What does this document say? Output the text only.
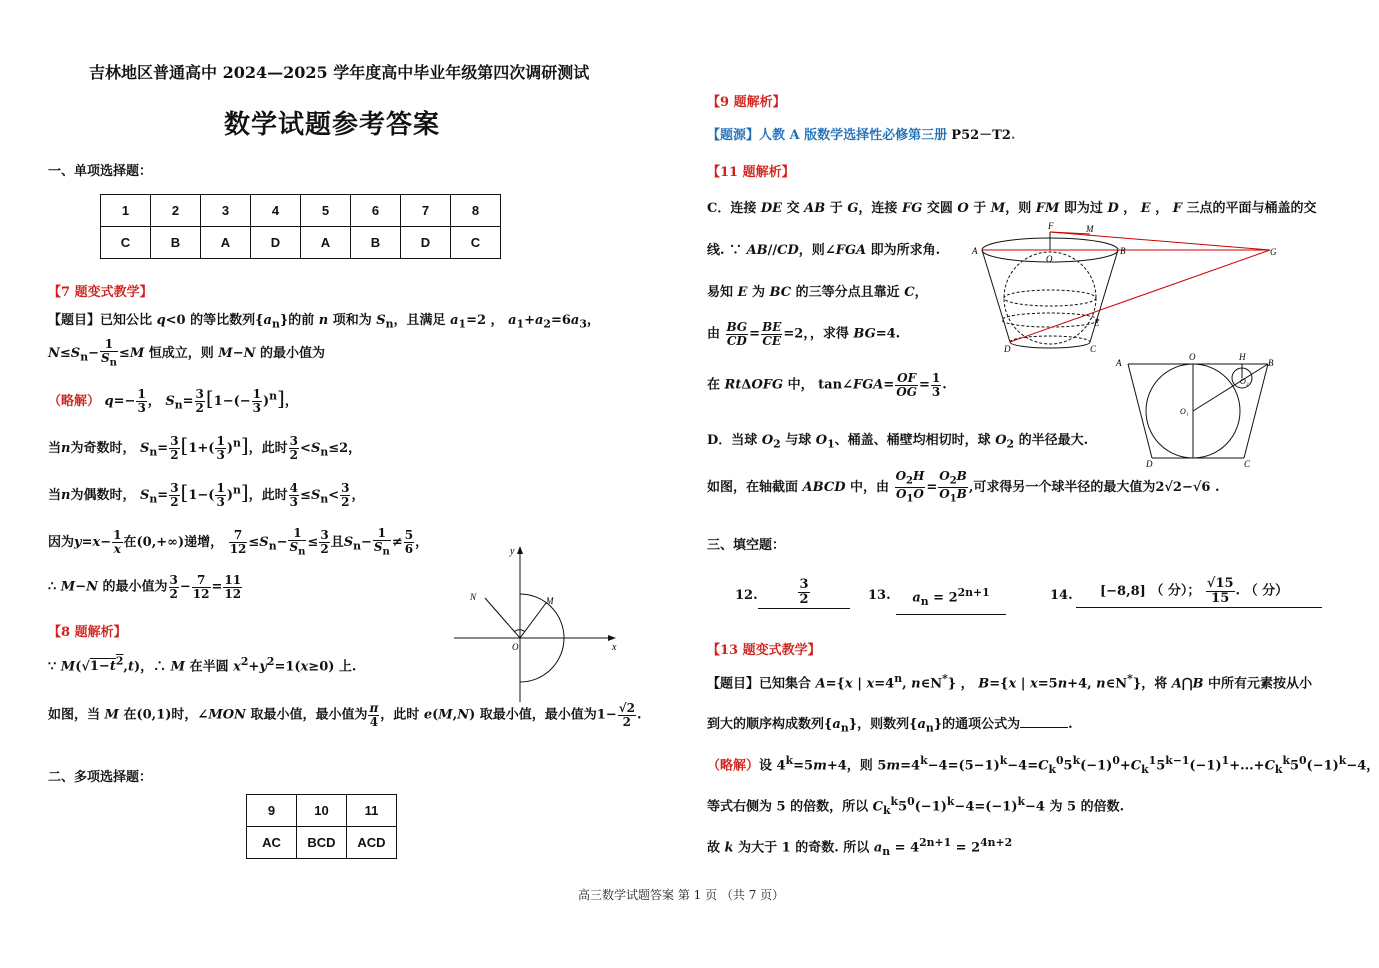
吉林地区普通高中 2024—2025 学年度高中毕业年级第四次调研测试
数学试题参考答案
一、单项选择题：
1	2	3	4	5	6	7	8
C	B	A	D	A	B	D	C
【7 题变式教学】
【题目】已知公比 q<0 的等比数列$\{a_n\}$的前 n 项和为 $S_n$，且满足 $a_1=2$ ， $a_1+a_2=6a_3$，
$N\le S_n- \frac{1}{S_n} \le M$ 恒成立，则 M−N 的最小值为
（略解） $q=- \frac{1}{3}$ ， $S_n= \frac{3}{2} [1-(- \frac{1}{3} )^n]$，
当n为奇数时， $S_n= \frac{3}{2} [1+( \frac{1}{3} )^n]$，此时 $\frac{3}{2} <S_n\le 2$，
当n为偶数时， $S_n= \frac{3}{2} [1-( \frac{1}{3} )^n]$，此时 $\frac{4}{3} \le S_n< \frac{3}{2}$ ，
因为$y=x- \frac{1}{x}$ 在(0,+∞)递增， $\frac{7}{12} \le S_n- \frac{1}{S_n} \le \frac{3}{2}$ 且$S_n- \frac{1}{S_n} \ne \frac{5}{6}$ ，
∴ M−N 的最小值为 $\frac{3}{2} - \frac{7}{12} = \frac{11}{12}$
【8 题解析】
∵ $M(√1-t^2,t)$，∴ M 在半圆 $x^2+y^2=1(x\ge 0)$ 上.
如图，当 M 在(0,1)时，∠MON 取最小值，最小值为 $\frac{\pi}{4}$ ，此时 e(M,N) 取最小值，最小值为$1- \frac{√2}{2}$ .
y
x
O
N	M
二、多项选择题：
9	10	11
AC	BCD	ACD
【9 题解析】
【题源】人教 A 版数学选择性必修第三册 P52－T2.
【11 题解析】
C．连接 DE 交 AB 于 G，连接 FG 交圆 O 于 M，则 FM 即为过 D ， E ， F 三点的平面与桶盖的交
线. ∵ AB//CD，则∠FGA 即为所求角.
易知 E 为 BC 的三等分点且靠近 C，
由 $\frac{BG}{CD} = \frac{BE}{CE} =2$，，求得 BG=4.
在 RtΔOFG 中， tan∠FGA= $\frac{OF}{OG} = \frac{1}{3}$ .
D．当球 $O_2$ 与球 $O_1$、桶盖、桶壁均相切时，球 $O_2$ 的半径最大.
如图，在轴截面 ABCD 中，由 $\frac{O_2H}{O_1O} = \frac{O_2B}{O_1B}$ ,可求得另一个球半径的最大值为2√2−√6 .
F	M
A	B	G
O
E
D	C
A
O	H
B
O₂
O₁
D	C
三、填空题：
12.	$\frac{3}{2}$	13.	$a_n = 2^{2n+1}$	14.	[−8,8] （ 分）； $\frac{√15}{15}$ . （ 分）
【13 题变式教学】
【题目】已知集合 A={x | $x=4^n$, n∈N*} ， B={x | x=5n+4, n∈N*}，将 A⋂B 中所有元素按从小
到大的顺序构成数列$\{a_n\}$，则数列$\{a_n\}$的通项公式为	.
（略解）设 $4^k=5m+4$，则 $5m=4^k-4=(5-1)^k-4=C_k^05^k(-1)^0+C_k^15^{k-1}(-1)^1+...+C_k^k5^0(-1)^k-4$，
等式右侧为 5 的倍数，所以 $C_k^k5^0(-1)^k-4=(-1)^k-4$ 为 5 的倍数.
故 k 为大于 1 的奇数. 所以 $a_n = 4^{2n+1} = 2^{4n+2}$
高三数学试题答案 第 1 页 （共 7 页）
